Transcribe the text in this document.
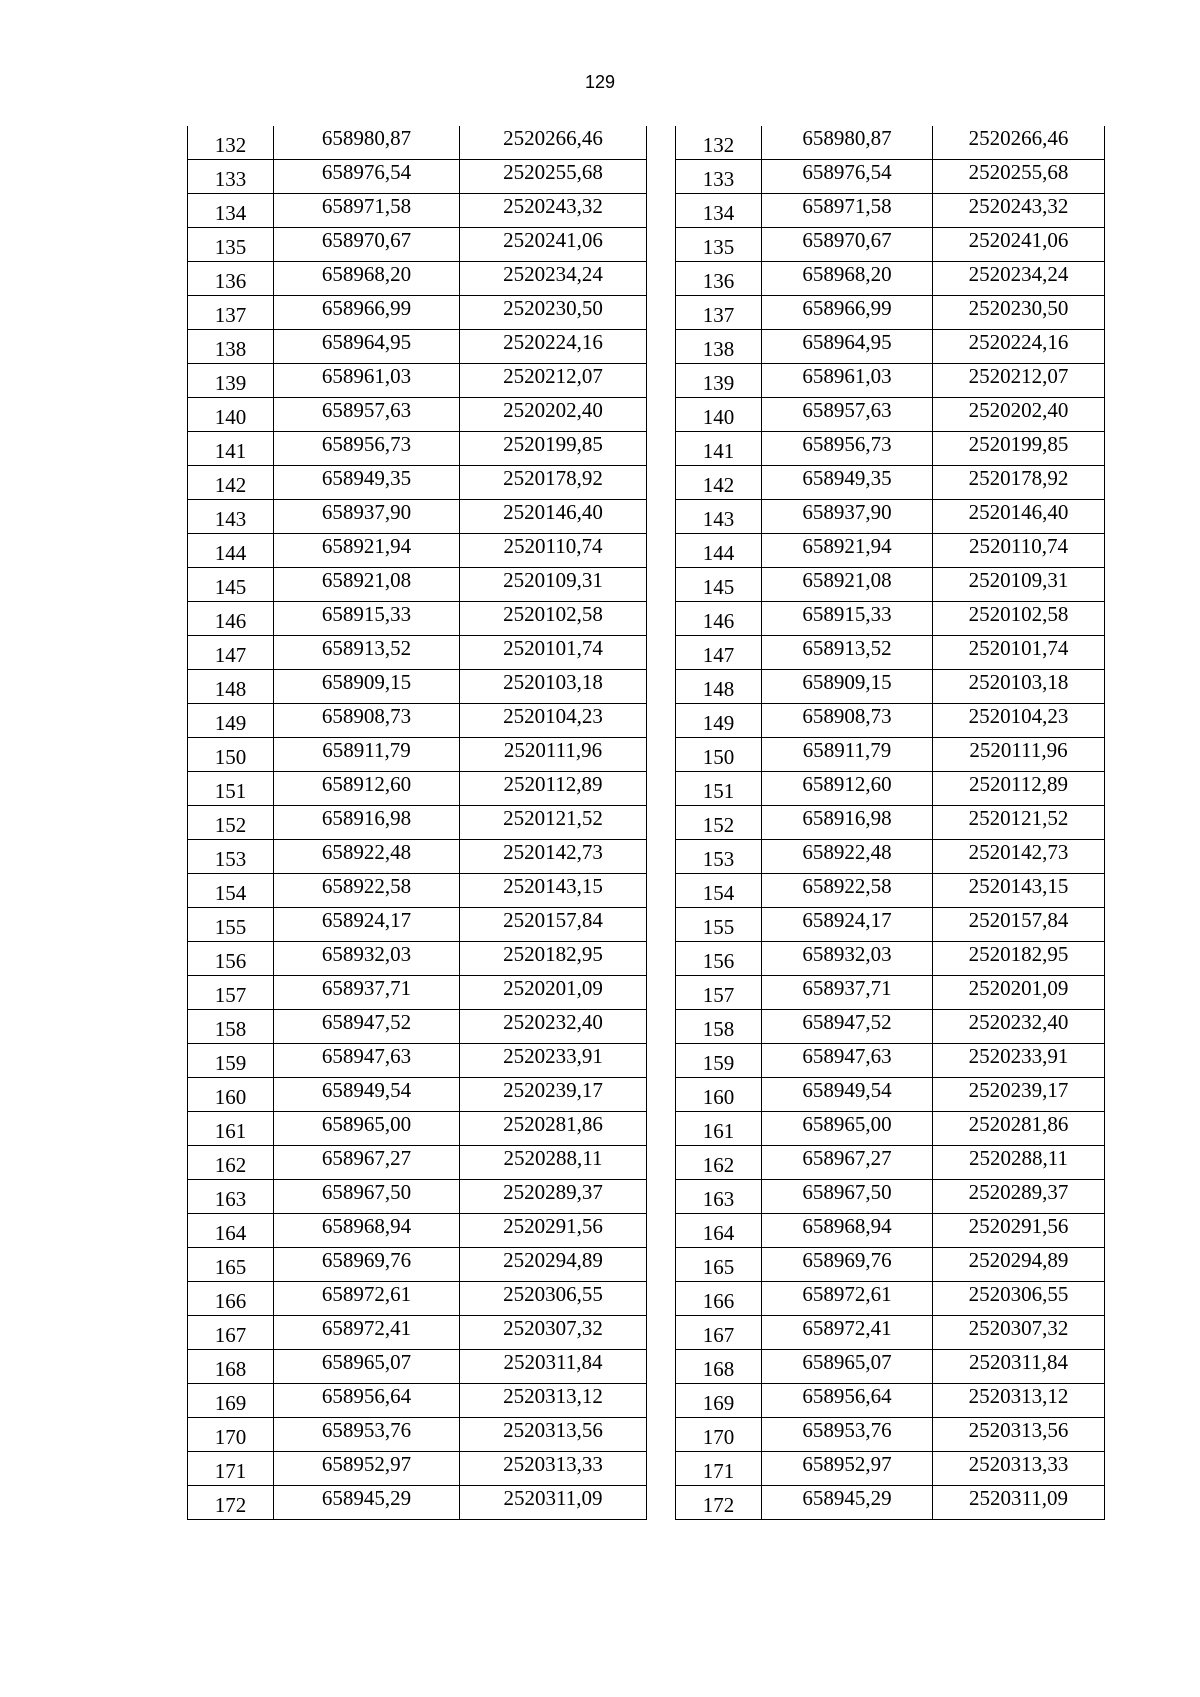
129
132	658980,87	2520266,46
133	658976,54	2520255,68
134	658971,58	2520243,32
135	658970,67	2520241,06
136	658968,20	2520234,24
137	658966,99	2520230,50
138	658964,95	2520224,16
139	658961,03	2520212,07
140	658957,63	2520202,40
141	658956,73	2520199,85
142	658949,35	2520178,92
143	658937,90	2520146,40
144	658921,94	2520110,74
145	658921,08	2520109,31
146	658915,33	2520102,58
147	658913,52	2520101,74
148	658909,15	2520103,18
149	658908,73	2520104,23
150	658911,79	2520111,96
151	658912,60	2520112,89
152	658916,98	2520121,52
153	658922,48	2520142,73
154	658922,58	2520143,15
155	658924,17	2520157,84
156	658932,03	2520182,95
157	658937,71	2520201,09
158	658947,52	2520232,40
159	658947,63	2520233,91
160	658949,54	2520239,17
161	658965,00	2520281,86
162	658967,27	2520288,11
163	658967,50	2520289,37
164	658968,94	2520291,56
165	658969,76	2520294,89
166	658972,61	2520306,55
167	658972,41	2520307,32
168	658965,07	2520311,84
169	658956,64	2520313,12
170	658953,76	2520313,56
171	658952,97	2520313,33
172	658945,29	2520311,09
132	658980,87	2520266,46
133	658976,54	2520255,68
134	658971,58	2520243,32
135	658970,67	2520241,06
136	658968,20	2520234,24
137	658966,99	2520230,50
138	658964,95	2520224,16
139	658961,03	2520212,07
140	658957,63	2520202,40
141	658956,73	2520199,85
142	658949,35	2520178,92
143	658937,90	2520146,40
144	658921,94	2520110,74
145	658921,08	2520109,31
146	658915,33	2520102,58
147	658913,52	2520101,74
148	658909,15	2520103,18
149	658908,73	2520104,23
150	658911,79	2520111,96
151	658912,60	2520112,89
152	658916,98	2520121,52
153	658922,48	2520142,73
154	658922,58	2520143,15
155	658924,17	2520157,84
156	658932,03	2520182,95
157	658937,71	2520201,09
158	658947,52	2520232,40
159	658947,63	2520233,91
160	658949,54	2520239,17
161	658965,00	2520281,86
162	658967,27	2520288,11
163	658967,50	2520289,37
164	658968,94	2520291,56
165	658969,76	2520294,89
166	658972,61	2520306,55
167	658972,41	2520307,32
168	658965,07	2520311,84
169	658956,64	2520313,12
170	658953,76	2520313,56
171	658952,97	2520313,33
172	658945,29	2520311,09
